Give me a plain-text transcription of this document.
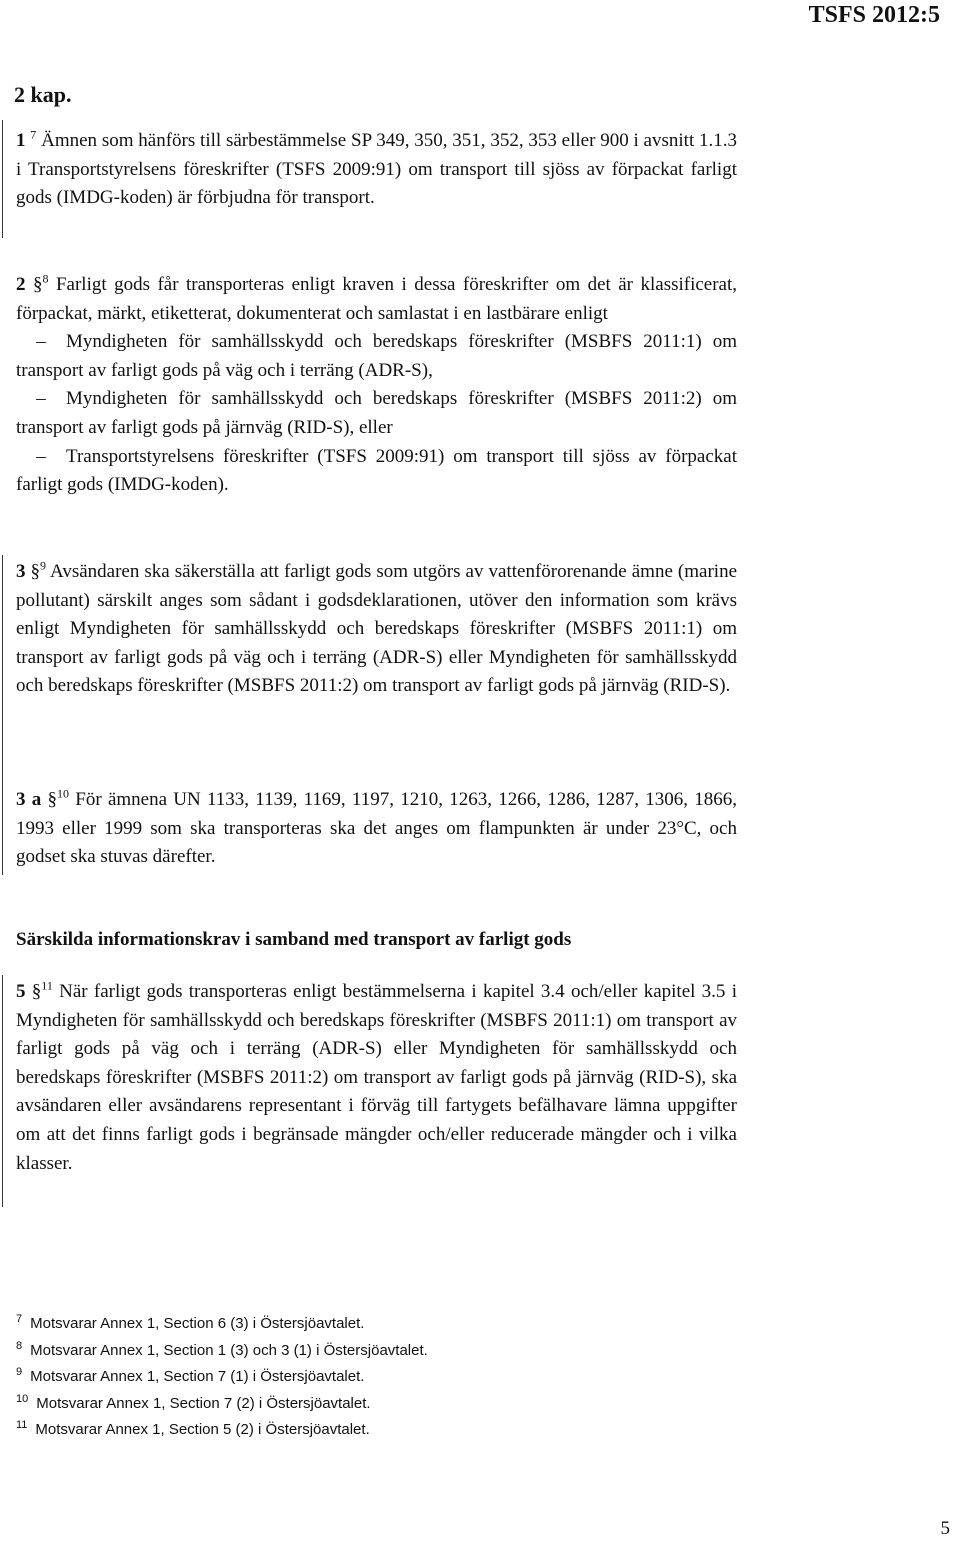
TSFS 2012:5
2 kap.

1 $^7$ Ämnen som hänförs till särbestämmelse SP 349, 350, 351, 352, 353 eller 900 i avsnitt 1.1.3 i Transportstyrelsens föreskrifter (TSFS 2009:91) om transport till sjöss av förpackat farligt gods (IMDG-koden) är förbjudna för transport.

2 §$^8$ Farligt gods får transporteras enligt kraven i dessa föreskrifter om det är klassificerat, förpackat, märkt, etiketterat, dokumenterat och samlastat i en lastbärare enligt

– Myndigheten för samhällsskydd och beredskaps föreskrifter (MSBFS 2011:1) om transport av farligt gods på väg och i terräng (ADR-S),

– Myndigheten för samhällsskydd och beredskaps föreskrifter (MSBFS 2011:2) om transport av farligt gods på järnväg (RID-S), eller

– Transportstyrelsens föreskrifter (TSFS 2009:91) om transport till sjöss av förpackat farligt gods (IMDG-koden).

3 §$^9$ Avsändaren ska säkerställa att farligt gods som utgörs av vattenförorenande ämne (marine pollutant) särskilt anges som sådant i godsdeklarationen, utöver den information som krävs enligt Myndigheten för samhällsskydd och beredskaps föreskrifter (MSBFS 2011:1) om transport av farligt gods på väg och i terräng (ADR-S) eller Myndigheten för samhällsskydd och beredskaps föreskrifter (MSBFS 2011:2) om transport av farligt gods på järnväg (RID-S).

3 a §$^{10}$ För ämnena UN 1133, 1139, 1169, 1197, 1210, 1263, 1266, 1286, 1287, 1306, 1866, 1993 eller 1999 som ska transporteras ska det anges om flampunkten är under 23°C, och godset ska stuvas därefter.

Särskilda informationskrav i samband med transport av farligt gods

5 §$^{11}$ När farligt gods transporteras enligt bestämmelserna i kapitel 3.4 och/eller kapitel 3.5 i Myndigheten för samhällsskydd och beredskaps föreskrifter (MSBFS 2011:1) om transport av farligt gods på väg och i terräng (ADR-S) eller Myndigheten för samhällsskydd och beredskaps föreskrifter (MSBFS 2011:2) om transport av farligt gods på järnväg (RID-S), ska avsändaren eller avsändarens representant i förväg till fartygets befälhavare lämna uppgifter om att det finns farligt gods i begränsade mängder och/eller reducerade mängder och i vilka klasser.

$^7$ Motsvarar Annex 1, Section 6 (3) i Östersjöavtalet.
$^8$ Motsvarar Annex 1, Section 1 (3) och 3 (1) i Östersjöavtalet.
$^9$ Motsvarar Annex 1, Section 7 (1) i Östersjöavtalet.
$^{10}$ Motsvarar Annex 1, Section 7 (2) i Östersjöavtalet.
$^{11}$ Motsvarar Annex 1, Section 5 (2) i Östersjöavtalet.
5
